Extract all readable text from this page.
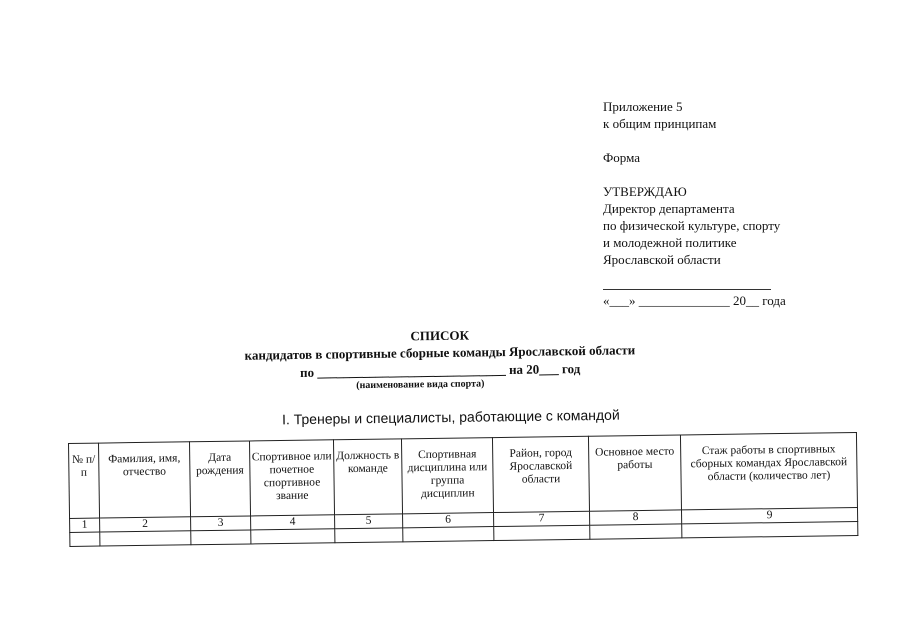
Приложение 5
к общим принципам
Форма
УТВЕРЖДАЮ
Директор департамента
по физической культуре, спорту
и молодежной политике
Ярославской области
«___» ______________ 20__ года
СПИСОК
кандидатов в спортивные сборные команды Ярославской области
по _____________________________ на 20___ год
(наименование вида спорта)
I. Тренеры и специалисты, работающие с командой
№ п/п	Фамилия, имя, отчество	Дата рождения	Спортивное или почетное спортивное звание	Должность в команде	Спортивная дисциплина или группа дисциплин	Район, город Ярославской области	Основное место работы	Стаж работы в спортивных сборных командах Ярославской области (количество лет)
1	2	3	4	5	6	7	8	9
